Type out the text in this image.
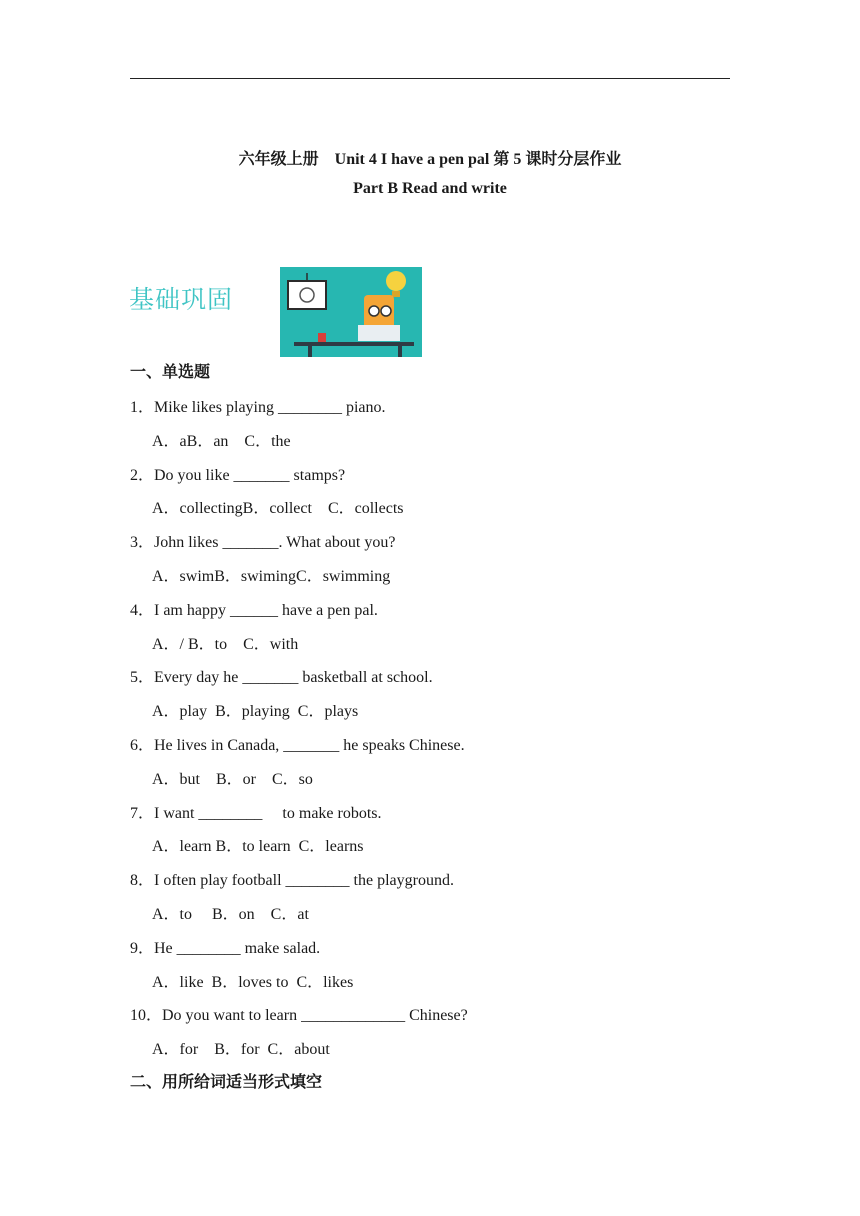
六年级上册　Unit 4 I have a pen pal 第 5 课时分层作业
Part B Read and write
基础巩固
一、单选题
1．Mike likes playing ________ piano.
A．aB．an　C．the
2．Do you like _______ stamps?
A．collectingB．collect　C．collects
3．John likes _______. What about you?
A．swimB．swimingC．swimming
4．I am happy ______ have a pen pal.
A．/ B．to　C．with
5．Every day he _______ basketball at school.
A．play  B．playing  C．plays
6．He lives in Canada, _______ he speaks Chinese.
A．but　B．or　C．so
7．I want ________　 to make robots.
A．learn B．to learn  C．learns
8．I often play football ________ the playground.
A．to　 B．on　C．at
9．He ________ make salad.
A．like  B．loves to  C．likes
10．Do you want to learn _____________ Chinese?
A．for　B．for  C．about
二、用所给词适当形式填空
